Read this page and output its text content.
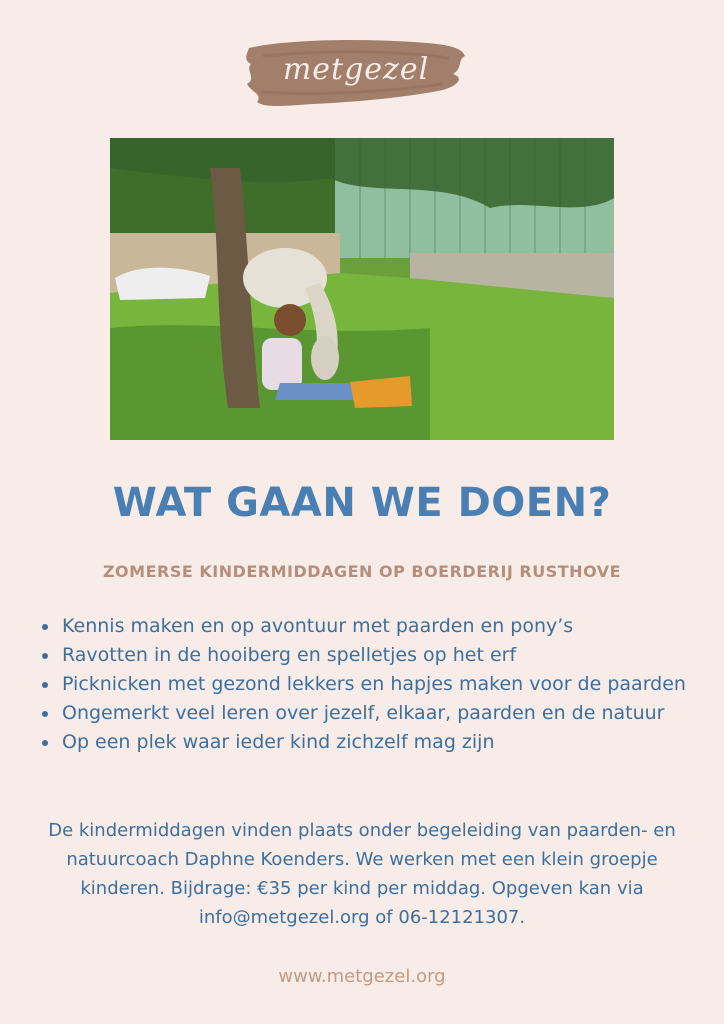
metgezel
WAT GAAN WE DOEN?
ZOMERSE KINDERMIDDAGEN OP BOERDERIJ RUSTHOVE
Kennis maken en op avontuur met paarden en pony’s
Ravotten in de hooiberg en spelletjes op het erf
Picknicken met gezond lekkers en hapjes maken voor de paarden
Ongemerkt veel leren over jezelf, elkaar, paarden en de natuur
Op een plek waar ieder kind zichzelf mag zijn
De kindermiddagen vinden plaats onder begeleiding van paarden- en natuurcoach Daphne Koenders. We werken met een klein groepje kinderen. Bijdrage: €35 per kind per middag. Opgeven kan via info@metgezel.org of 06-12121307.
www.metgezel.org
